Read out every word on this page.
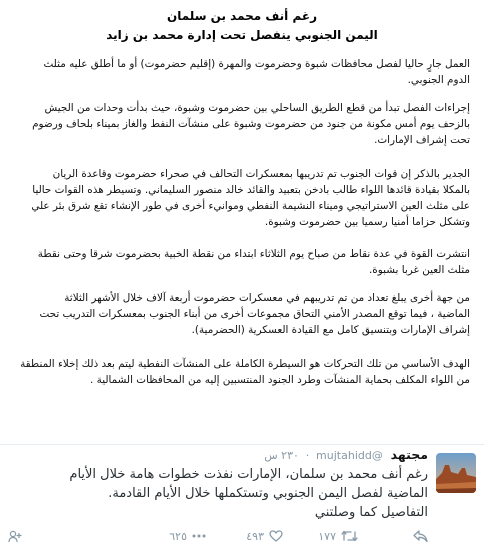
رغم أنف محمد بن سلمان
اليمن الجنوبي ينفصل تحت إدارة محمد بن زايد
العمل جارٍ حاليا لفصل محافظات شبوة وحضرموت والمهرة (إقليم حضرموت) أو ما أطلق عليه مثلث
الدوم الجنوبي.
إجراءات الفصل تبدأ من قطع الطريق الساحلي بين حضرموت وشبوة، حيث بدأت وحدات من الجيش
بالزحف يوم أمس مكونة من جنود من حضرموت وشبوة على منشآت النفط والغاز بميناء بلحاف ورضوم
تحت إشراف الإمارات.
الجدير بالذكر إن قوات الجنوب تم تدريبها بمعسكرات التحالف في صحراء حضرموت وقاعدة الريان
بالمكلا بقيادة قائدها اللواء طالب بادخن بتعبيد والقائد خالد منصور السليماني. وتسيطر هذه القوات حاليا
على مثلث العين الاستراتيجي وميناء النشيمة النفطي وموانيء أخرى في طور الإنشاء تقع شرق بئر علي
وتشكل حزاما أمنيا رسميا بين حضرموت وشبوة.
انتشرت القوة في عدة نقاط من صباح يوم الثلاثاء ابتداء من نقطة الخبية بحضرموت شرقا وحتى نقطة
مثلث العين غربا بشبوة.
من جهة أخرى يبلغ تعداد من تم تدريبهم في معسكرات حضرموت أربعة آلاف خلال الأشهر الثلاثة
الماضية ، فيما توقع المصدر الأمني التحاق مجموعات أخرى من أبناء الجنوب بمعسكرات التدريب تحت
إشراف الإمارات وبتنسيق كامل مع القيادة العسكرية (الحضرمية).
الهدف الأساسي من تلك التحركات هو السيطرة الكاملة على المنشآت النفطية ليتم بعد ذلك إخلاء المنطقة
من اللواء المكلف بحماية المنشآت وطرد الجنود المنتسبين إليه من المحافظات الشمالية .
مجتهد @mujtahidd · ٢٣٠ س
رغم أنف محمد بن سلمان، الإمارات نفذت خطوات هامة خلال الأيام
الماضية لفصل اليمن الجنوبي وتستكملها خلال الأيام القادمة.
التفاصيل كما وصلتني
١٧٧
٤٩٣
٦٢٥
